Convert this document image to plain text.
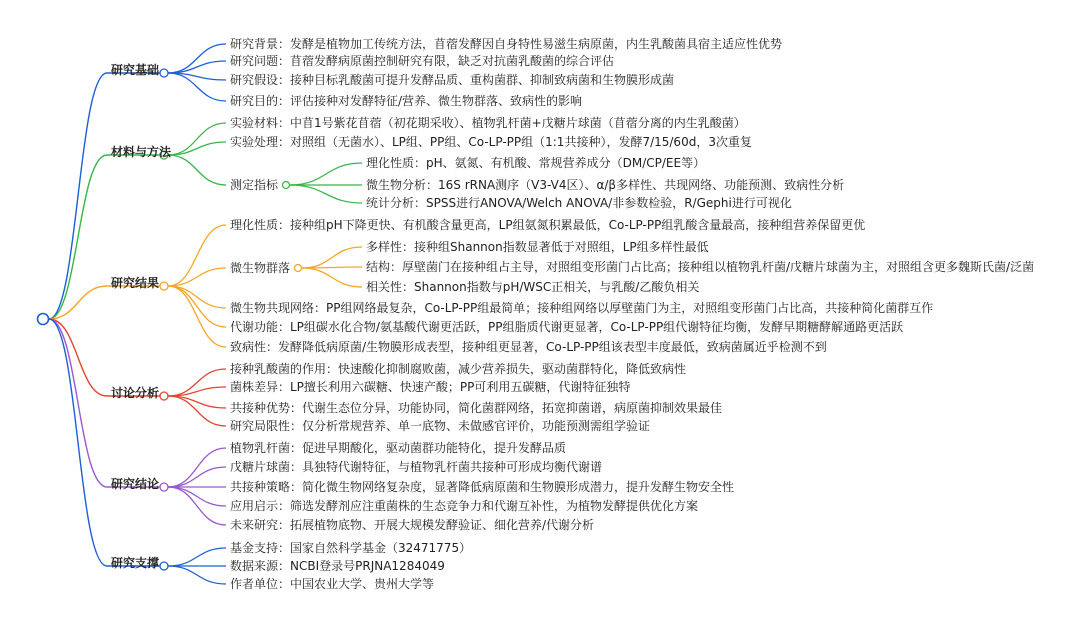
研究基础
研究背景：发酵是植物加工传统方法，苜蓿发酵因自身特性易滋生病原菌，内生乳酸菌具宿主适应性优势
研究问题：苜蓿发酵病原菌控制研究有限，缺乏对抗菌乳酸菌的综合评估
研究假设：接种目标乳酸菌可提升发酵品质、重构菌群、抑制致病菌和生物膜形成菌
研究目的：评估接种对发酵特征/营养、微生物群落、致病性的影响
材料与方法
实验材料：中苜1号紫花苜蓿（初花期采收）、植物乳杆菌+戊糖片球菌（苜蓿分离的内生乳酸菌）
实验处理：对照组（无菌水）、LP组、PP组、Co-LP-PP组（1:1共接种），发酵7/15/60d，3次重复
测定指标
理化性质：pH、氨氮、有机酸、常规营养成分（DM/CP/EE等）
微生物分析：16S rRNA测序（V3-V4区）、α/β多样性、共现网络、功能预测、致病性分析
统计分析：SPSS进行ANOVA/Welch ANOVA/非参数检验，R/Gephi进行可视化
研究结果
理化性质：接种组pH下降更快、有机酸含量更高，LP组氨氮积累最低，Co-LP-PP组乳酸含量最高，接种组营养保留更优
微生物群落
多样性：接种组Shannon指数显著低于对照组，LP组多样性最低
结构：厚壁菌门在接种组占主导，对照组变形菌门占比高；接种组以植物乳杆菌/戊糖片球菌为主，对照组含更多魏斯氏菌/泛菌
相关性：Shannon指数与pH/WSC正相关，与乳酸/乙酸负相关
微生物共现网络：PP组网络最复杂，Co-LP-PP组最简单；接种组网络以厚壁菌门为主，对照组变形菌门占比高，共接种简化菌群互作
代谢功能：LP组碳水化合物/氨基酸代谢更活跃，PP组脂质代谢更显著，Co-LP-PP组代谢特征均衡，发酵早期糖酵解通路更活跃
致病性：发酵降低病原菌/生物膜形成表型，接种组更显著，Co-LP-PP组该表型丰度最低，致病菌属近乎检测不到
讨论分析
接种乳酸菌的作用：快速酸化抑制腐败菌，减少营养损失，驱动菌群特化，降低致病性
菌株差异：LP擅长利用六碳糖、快速产酸；PP可利用五碳糖，代谢特征独特
共接种优势：代谢生态位分异，功能协同，简化菌群网络，拓宽抑菌谱，病原菌抑制效果最佳
研究局限性：仅分析常规营养、单一底物、未做感官评价，功能预测需组学验证
研究结论
植物乳杆菌：促进早期酸化，驱动菌群功能特化，提升发酵品质
戊糖片球菌：具独特代谢特征，与植物乳杆菌共接种可形成均衡代谢谱
共接种策略：简化微生物网络复杂度，显著降低病原菌和生物膜形成潜力，提升发酵生物安全性
应用启示：筛选发酵剂应注重菌株的生态竞争力和代谢互补性，为植物发酵提供优化方案
未来研究：拓展植物底物、开展大规模发酵验证、细化营养/代谢分析
研究支撑
基金支持：国家自然科学基金（32471775）
数据来源：NCBI登录号PRJNA1284049
作者单位：中国农业大学、贵州大学等
